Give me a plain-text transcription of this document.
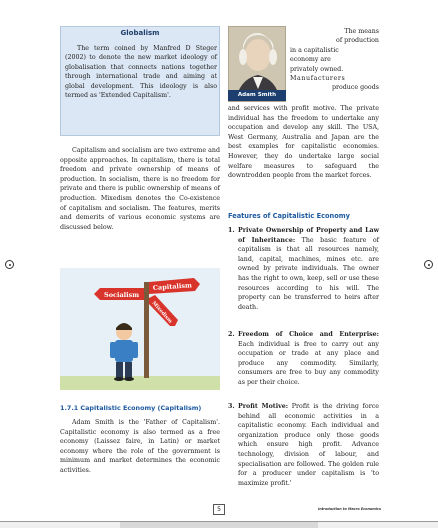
Globalism

The term coined by Manfred D Steger (2002) to denote the new market ideology of globalisation that connects nations together through international trade and aiming at global development. This ideology is also termed as 'Extended Capitalism'.

Capitalism and socialism are two extreme and opposite approaches. In capitalism, there is total freedom and private ownership of means of production. In socialism, there is no freedom for private and there is public ownership of means of production. Mixedism denotes the Co-existence of capitalism and socialism. The features, merits and demerits of various economic systems are discussed below.

Socialism
Capitalism
Mixedism
1.7.1 Capitalistic Economy (Capitalism)

Adam Smith is the 'Father of Capitalism'. Capitalistic economy is also termed as a free economy (Laissez faire, in Latin) or market economy where the role of the government is minimum and market determines the economic activities.

Adam Smith
The means
of production
in a capitalistic
economy are
privately owned.
Manufacturers
produce goods

and services with profit motive. The private individual has the freedom to undertake any occupation and develop any skill. The USA, West Germany, Australia and Japan are the best examples for capitalistic economies. However, they do undertake large social welfare measures to safeguard the downtrodden people from the market forces.

Features of Capitalistic Economy
1. Private Ownership of Property and Law of Inheritance: The basic feature of capitalism is that all resources namely, land, capital, machines, mines etc. are owned by private individuals. The owner has the right to own, keep, sell or use these resources according to his will. The property can be transferred to heirs after death.
2. Freedom of Choice and Enterprise: Each individual is free to carry out any occupation or trade at any place and produce any commodity. Similarly, consumers are free to buy any commodity as per their choice.
3. Profit Motive: Profit is the driving force behind all economic activities in a capitalistic economy. Each individual and organization produce only those goods which ensure high profit. Advance technology, division of labour, and specialisation are followed. The golden rule for a producer under capitalism is 'to maximize profit.'
5	Introduction to Macro Economics
